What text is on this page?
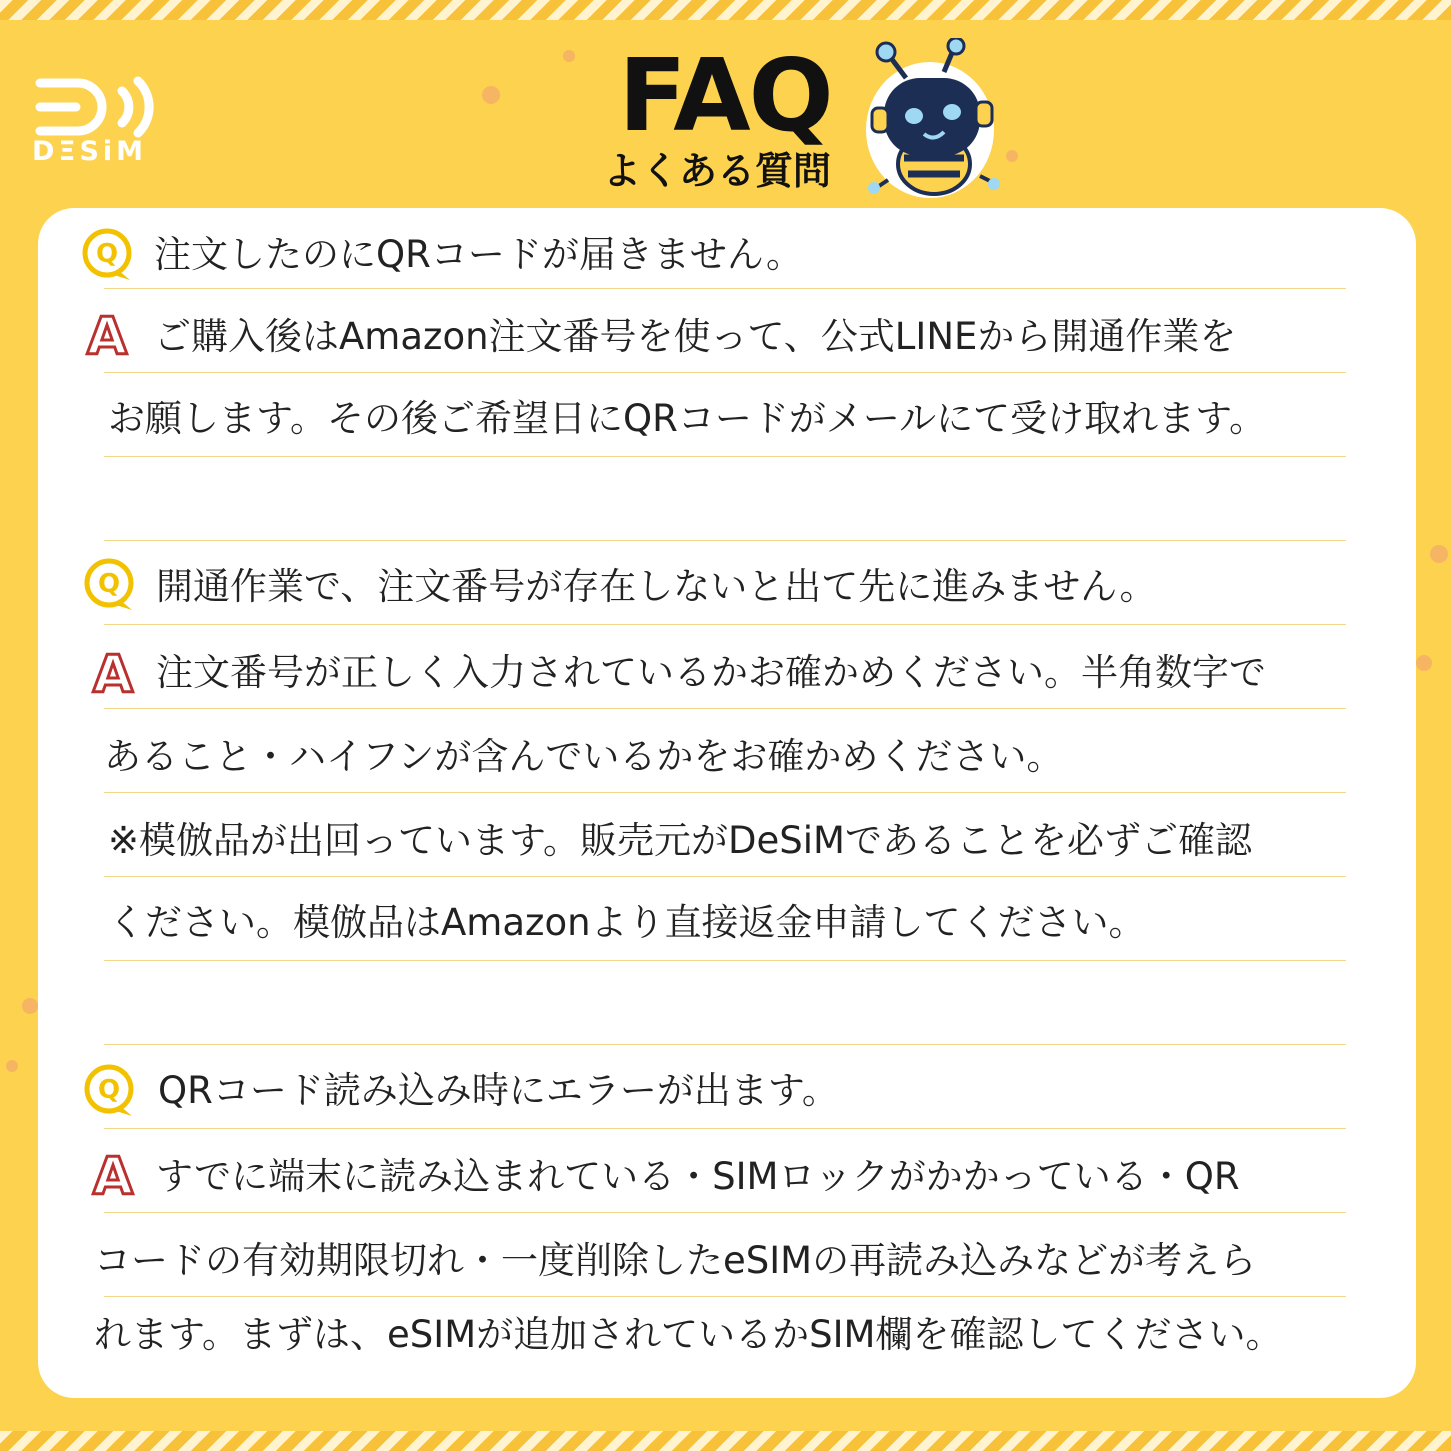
DΞSiM	FAQ
よくある質問
Q 注文したのにQRコードが届きません。
A ご購入後はAmazon注文番号を使って、公式LINEから開通作業を
お願します。その後ご希望日にQRコードがメールにて受け取れます。
Q 開通作業で、注文番号が存在しないと出て先に進みません。
A 注文番号が正しく入力されているかお確かめください。半角数字で
あること・ハイフンが含んでいるかをお確かめください。
※模倣品が出回っています。販売元がDeSiMであることを必ずご確認
ください。模倣品はAmazonより直接返金申請してください。
Q QRコード読み込み時にエラーが出ます。
A すでに端末に読み込まれている・SIMロックがかかっている・QR
コードの有効期限切れ・一度削除したeSIMの再読み込みなどが考えら
れます。まずは、eSIMが追加されているかSIM欄を確認してください。
